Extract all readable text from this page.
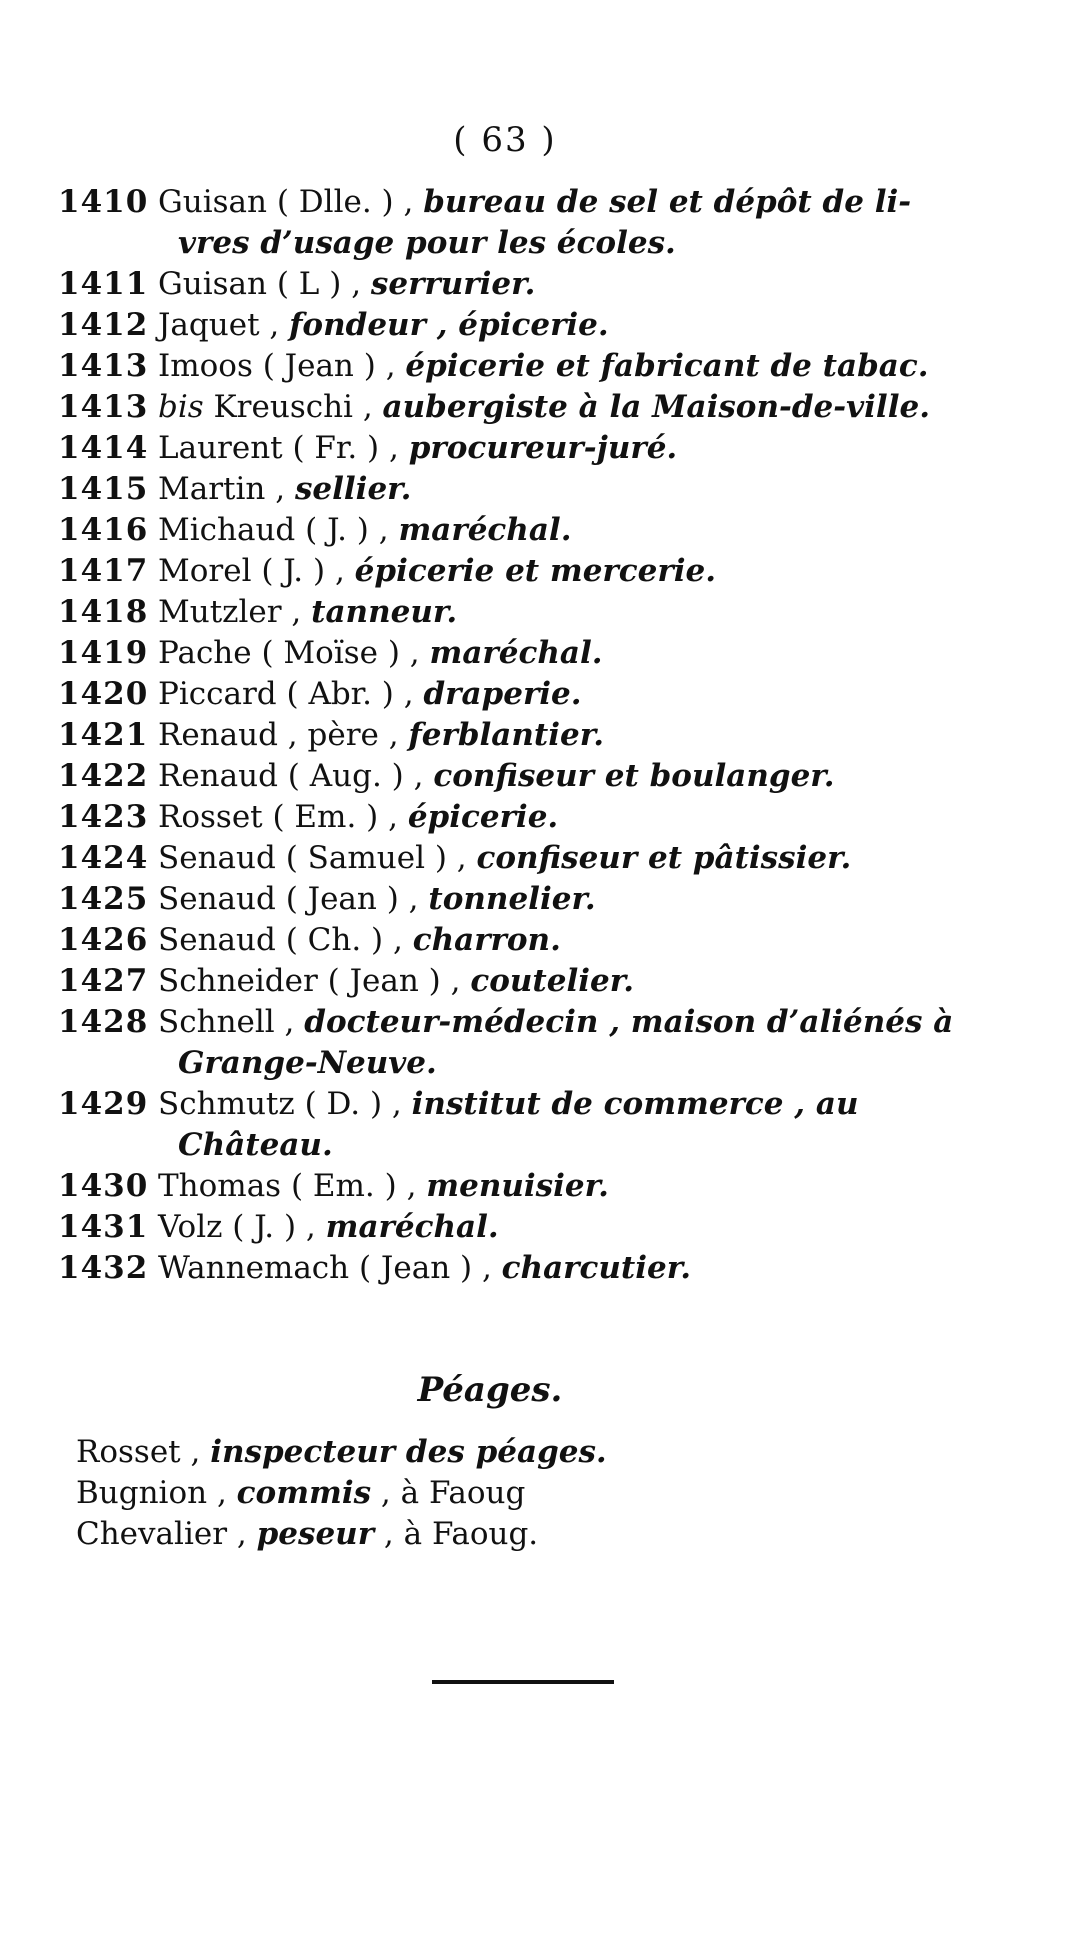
( 63 )
1410 Guisan ( Dlle. ) , bureau de sel et dépôt de li-
vres d’usage pour les écoles.
1411 Guisan ( L ) , serrurier.
1412 Jaquet , fondeur , épicerie.
1413 Imoos ( Jean ) , épicerie et fabricant de tabac.
1413 bis Kreuschi , aubergiste à la Maison-de-ville.
1414 Laurent ( Fr. ) , procureur-juré.
1415 Martin , sellier.
1416 Michaud ( J. ) , maréchal.
1417 Morel ( J. ) , épicerie et mercerie.
1418 Mutzler , tanneur.
1419 Pache ( Moïse ) , maréchal.
1420 Piccard ( Abr. ) , draperie.
1421 Renaud , père , ferblantier.
1422 Renaud ( Aug. ) , confiseur et boulanger.
1423 Rosset ( Em. ) , épicerie.
1424 Senaud ( Samuel ) , confiseur et pâtissier.
1425 Senaud ( Jean ) , tonnelier.
1426 Senaud ( Ch. ) , charron.
1427 Schneider ( Jean ) , coutelier.
1428 Schnell , docteur-médecin , maison d’aliénés à
Grange-Neuve.
1429 Schmutz ( D. ) , institut de commerce , au
Château.
1430 Thomas ( Em. ) , menuisier.
1431 Volz ( J. ) , maréchal.
1432 Wannemach ( Jean ) , charcutier.
Péages.
Rosset , inspecteur des péages.
Bugnion , commis , à Faoug
Chevalier , peseur , à Faoug.
